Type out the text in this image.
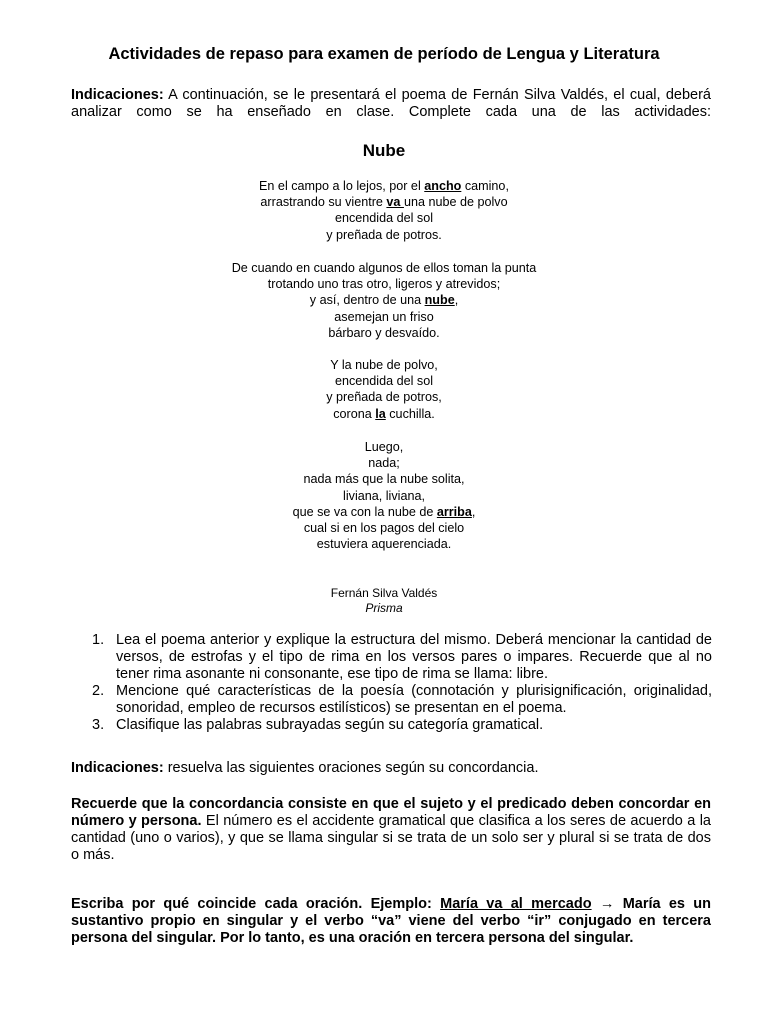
Actividades de repaso para examen de período de Lengua y Literatura
Indicaciones: A continuación, se le presentará el poema de Fernán Silva Valdés, el cual, deberá analizar como se ha enseñado en clase. Complete cada una de las actividades:
Nube
En el campo a lo lejos, por el ancho camino,
arrastrando su vientre va una nube de polvo
encendida del sol
y preñada de potros.
De cuando en cuando algunos de ellos toman la punta
trotando uno tras otro, ligeros y atrevidos;
y así, dentro de una nube,
asemejan un friso
bárbaro y desvaído.
Y la nube de polvo,
encendida del sol
y preñada de potros,
corona la cuchilla.
Luego,
nada;
nada más que la nube solita,
liviana, liviana,
que se va con la nube de arriba,
cual si en los pagos del cielo
estuviera aquerenciada.
Fernán Silva Valdés
Prisma
1. Lea el poema anterior y explique la estructura del mismo. Deberá mencionar la cantidad de versos, de estrofas y el tipo de rima en los versos pares o impares. Recuerde que al no tener rima asonante ni consonante, ese tipo de rima se llama: libre.
2. Mencione qué características de la poesía (connotación y plurisignificación, originalidad, sonoridad, empleo de recursos estilísticos) se presentan en el poema.
3. Clasifique las palabras subrayadas según su categoría gramatical.
Indicaciones: resuelva las siguientes oraciones según su concordancia.
Recuerde que la concordancia consiste en que el sujeto y el predicado deben concordar en número y persona. El número es el accidente gramatical que clasifica a los seres de acuerdo a la cantidad (uno o varios), y que se llama singular si se trata de un solo ser y plural si se trata de dos o más.
Escriba por qué coincide cada oración. Ejemplo: María va al mercado → María es un sustantivo propio en singular y el verbo “va” viene del verbo “ir” conjugado en tercera persona del singular. Por lo tanto, es una oración en tercera persona del singular.
